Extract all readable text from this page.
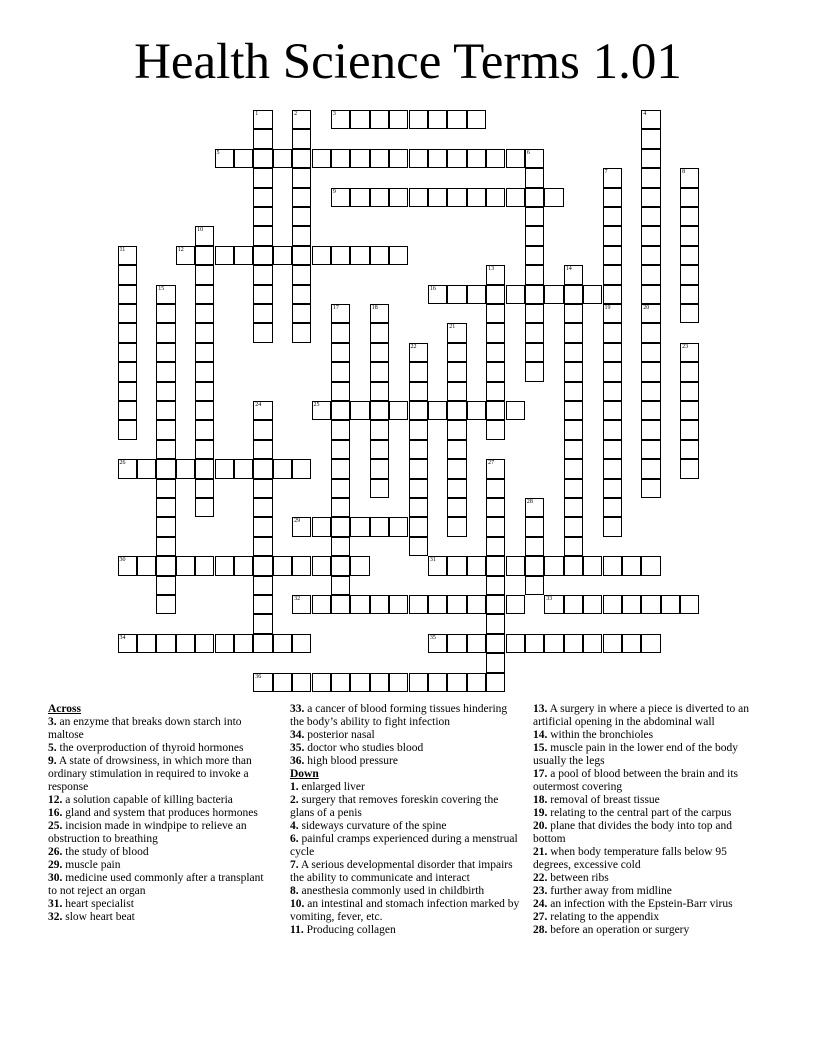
Health Science Terms 1.01
1	2	3	4
5	6
7
19
8
9
10
11	12
13	14
15	16
17	18	20
21
22	23
24	25
26	27
28
29
30	31
32	33
34	35
36

Across

3. an enzyme that breaks down starch into maltose

5. the overproduction of thyroid hormones

9. A state of drowsiness, in which more than ordinary stimulation in required to invoke a response

12. a solution capable of killing bacteria

16. gland and system that produces hormones

25. incision made in windpipe to relieve an obstruction to breathing

26. the study of blood

29. muscle pain

30. medicine used commonly after a transplant to not reject an organ

31. heart specialist

32. slow heart beat

33. a cancer of blood forming tissues hindering the body’s ability to fight infection

34. posterior nasal

35. doctor who studies blood

36. high blood pressure

Down

1. enlarged liver

2. surgery that removes foreskin covering the glans of a penis

4. sideways curvature of the spine

6. painful cramps experienced during a menstrual cycle

7. A serious developmental disorder that impairs the ability to communicate and interact

8. anesthesia commonly used in childbirth

10. an intestinal and stomach infection marked by vomiting, fever, etc.

11. Producing collagen

13. A surgery in where a piece is diverted to an artificial opening in the abdominal wall

14. within the bronchioles

15. muscle pain in the lower end of the body usually the legs

17. a pool of blood between the brain and its outermost covering

18. removal of breast tissue

19. relating to the central part of the carpus

20. plane that divides the body into top and bottom

21. when body temperature falls below 95 degrees, excessive cold

22. between ribs

23. further away from midline

24. an infection with the Epstein-Barr virus

27. relating to the appendix

28. before an operation or surgery
